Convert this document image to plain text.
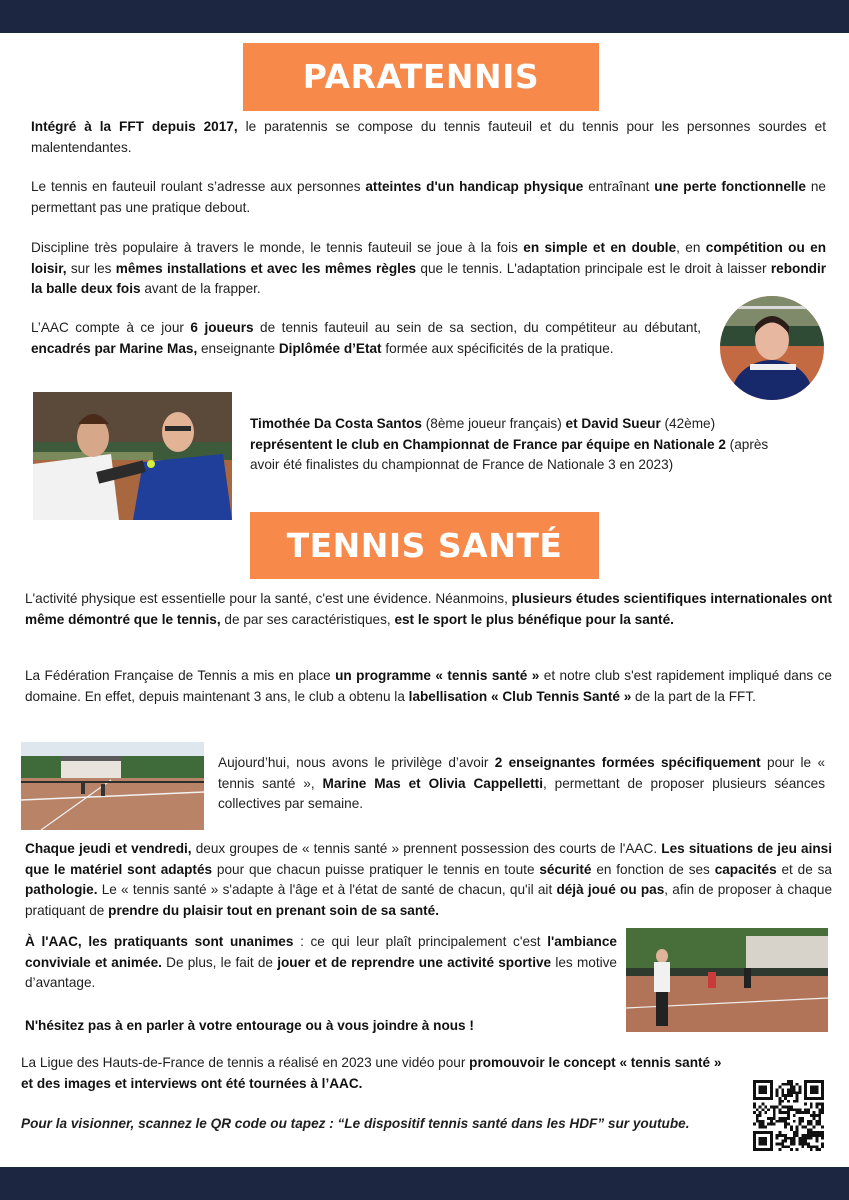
PARATENNIS
Intégré à la FFT depuis 2017, le paratennis se compose du tennis fauteuil et du tennis pour les personnes sourdes et malentendantes.
Le tennis en fauteuil roulant s’adresse aux personnes atteintes d'un handicap physique entraînant une perte fonctionnelle ne permettant pas une pratique debout.
Discipline très populaire à travers le monde, le tennis fauteuil se joue à la fois en simple et en double, en compétition ou en loisir, sur les mêmes installations et avec les mêmes règles que le tennis. L'adaptation principale est le droit à laisser rebondir la balle deux fois avant de la frapper.
L’AAC compte à ce jour 6 joueurs de tennis fauteuil au sein de sa section, du compétiteur au débutant, encadrés par Marine Mas, enseignante Diplômée d’Etat formée aux spécificités de la pratique.
Timothée Da Costa Santos (8ème joueur français) et David Sueur (42ème) représentent le club en Championnat de France par équipe en Nationale 2 (après avoir été finalistes du championnat de France de Nationale 3 en 2023)
TENNIS SANTÉ
L'activité physique est essentielle pour la santé, c'est une évidence. Néanmoins, plusieurs études scientifiques internationales ont même démontré que le tennis, de par ses caractéristiques, est le sport le plus bénéfique pour la santé.
La Fédération Française de Tennis a mis en place un programme « tennis santé » et notre club s'est rapidement impliqué dans ce domaine. En effet, depuis maintenant 3 ans, le club a obtenu la labellisation « Club Tennis Santé » de la part de la FFT.
Aujourd’hui, nous avons le privilège d’avoir 2 enseignantes formées spécifiquement pour le « tennis santé », Marine Mas et Olivia Cappelletti, permettant de proposer plusieurs séances collectives par semaine.
Chaque jeudi et vendredi, deux groupes de « tennis santé » prennent possession des courts de l'AAC. Les situations de jeu ainsi que le matériel sont adaptés pour que chacun puisse pratiquer le tennis en toute sécurité en fonction de ses capacités et de sa pathologie. Le « tennis santé » s'adapte à l'âge et à l'état de santé de chacun, qu'il ait déjà joué ou pas, afin de proposer à chaque pratiquant de prendre du plaisir tout en prenant soin de sa santé.
À l'AAC, les pratiquants sont unanimes : ce qui leur plaît principalement c'est l'ambiance conviviale et animée. De plus, le fait de jouer et de reprendre une activité sportive les motive d’avantage.
N'hésitez pas à en parler à votre entourage ou à vous joindre à nous !
La Ligue des Hauts-de-France de tennis a réalisé en 2023 une vidéo pour promouvoir le concept « tennis santé » et des images et interviews ont été tournées à l’AAC.
Pour la visionner, scannez le QR code ou tapez : “Le dispositif tennis santé dans les HDF” sur youtube.
